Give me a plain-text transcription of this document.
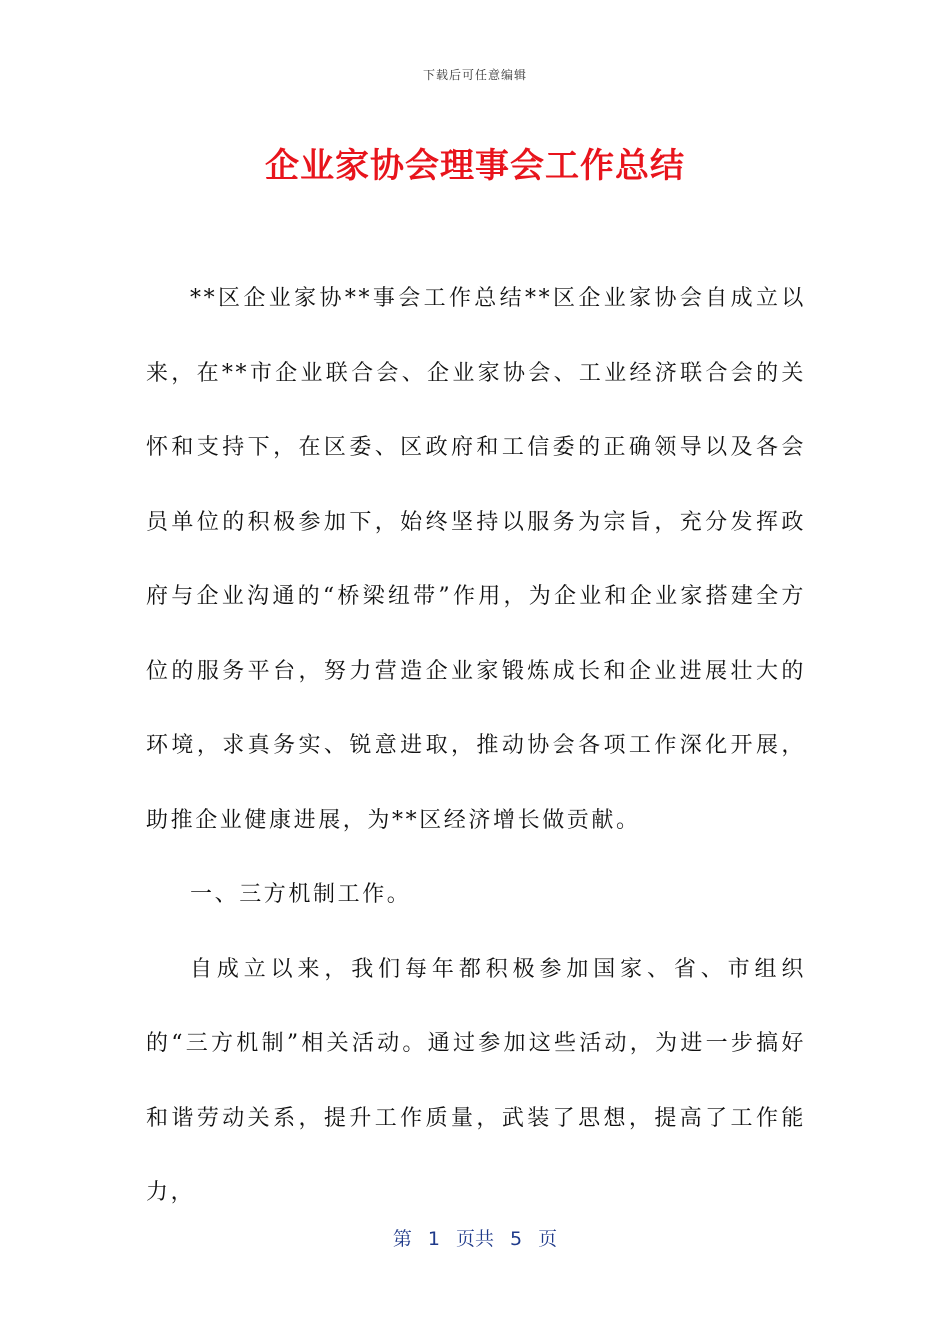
下载后可任意编辑
企业家协会理事会工作总结

**区企业家协**事会工作总结**区企业家协会自成立以来，在**市企业联合会、企业家协会、工业经济联合会的关怀和支持下，在区委、区政府和工信委的正确领导以及各会员单位的积极参加下，始终坚持以服务为宗旨，充分发挥政府与企业沟通的“桥梁纽带”作用，为企业和企业家搭建全方位的服务平台，努力营造企业家锻炼成长和企业进展壮大的环境，求真务实、锐意进取，推动协会各项工作深化开展，助推企业健康进展，为**区经济增长做贡献。

一、三方机制工作。

自成立以来，我们每年都积极参加国家、省、市组织的“三方机制”相关活动。通过参加这些活动，为进一步搞好和谐劳动关系，提升工作质量，武装了思想，提高了工作能力，

第 1 页共 5 页
